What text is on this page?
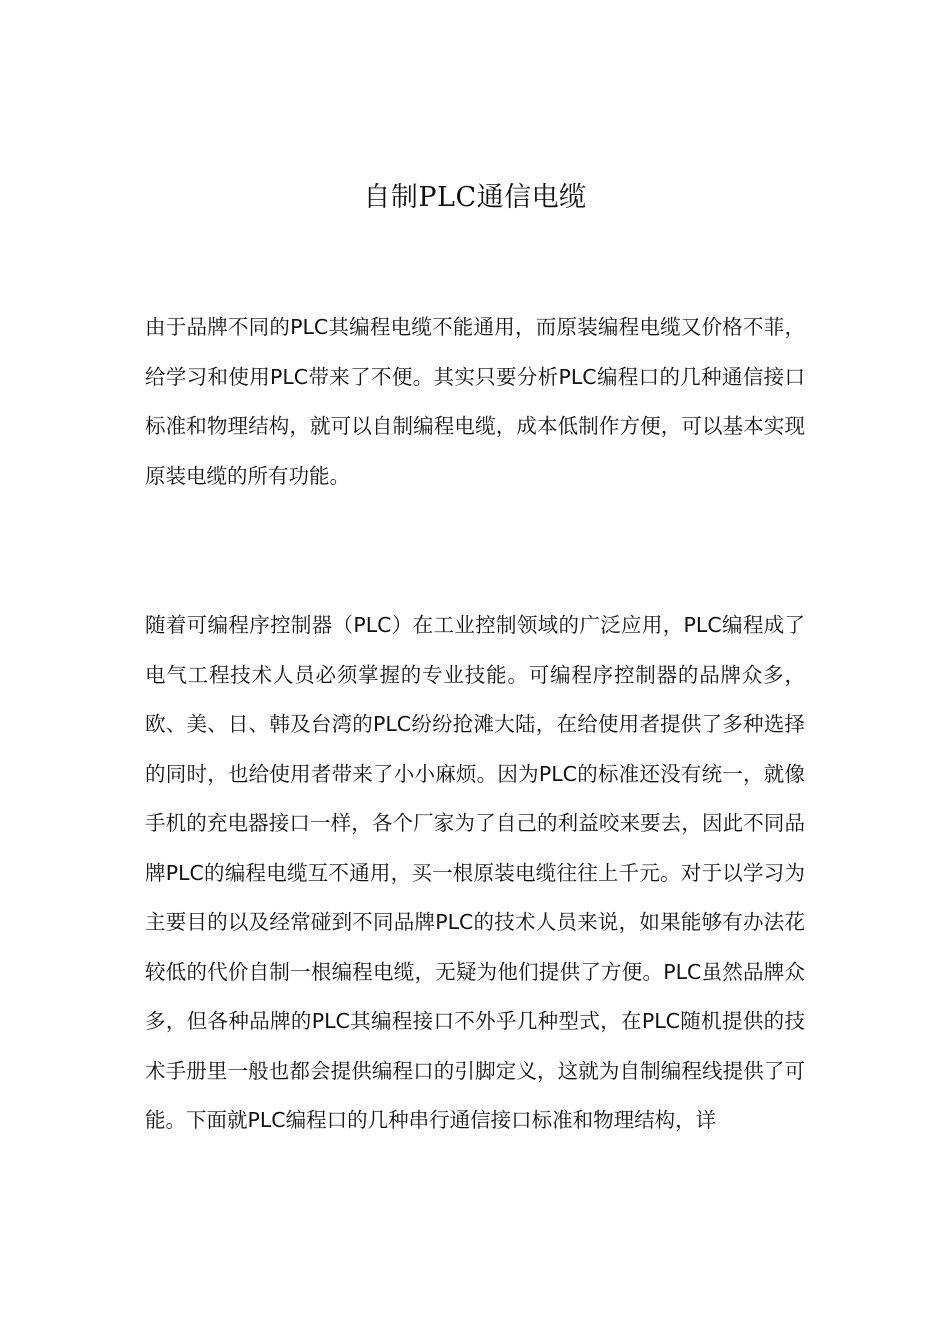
自制PLC通信电缆

由于品牌不同的PLC其编程电缆不能通用，而原装编程电缆又价格不菲，给学习和使用PLC带来了不便。其实只要分析PLC编程口的几种通信接口标准和物理结构，就可以自制编程电缆，成本低制作方便，可以基本实现原装电缆的所有功能。

随着可编程序控制器（PLC）在工业控制领域的广泛应用，PLC编程成了电气工程技术人员必须掌握的专业技能。可编程序控制器的品牌众多，欧、美、日、韩及台湾的PLC纷纷抢滩大陆，在给使用者提供了多种选择的同时，也给使用者带来了小小麻烦。因为PLC的标准还没有统一，就像手机的充电器接口一样，各个厂家为了自己的利益咬来要去，因此不同品牌PLC的编程电缆互不通用，买一根原装电缆往往上千元。对于以学习为主要目的以及经常碰到不同品牌PLC的技术人员来说，如果能够有办法花较低的代价自制一根编程电缆，无疑为他们提供了方便。PLC虽然品牌众多，但各种品牌的PLC其编程接口不外乎几种型式，在PLC随机提供的技术手册里一般也都会提供编程口的引脚定义，这就为自制编程线提供了可能。下面就PLC编程口的几种串行通信接口标准和物理结构，详
